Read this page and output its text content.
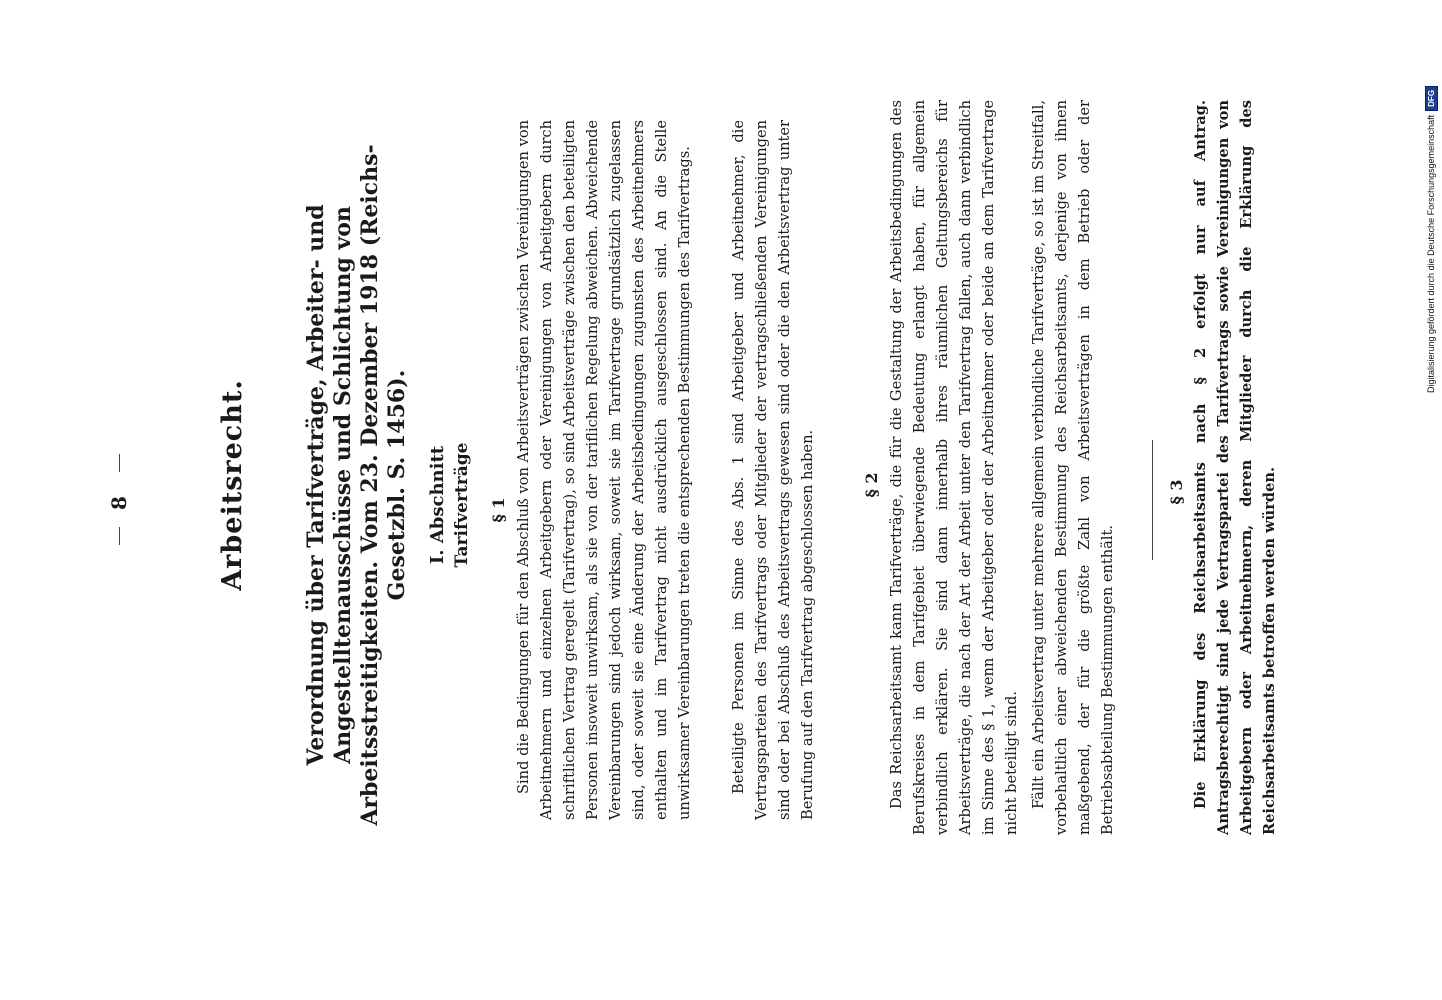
8	Arbeitsrecht.	Verordnung über Tarifverträge, Arbeiter- und Angestelltenausschüsse und Schlichtung von Arbeitsstreitigkeiten. Vom 23. Dezember 1918 (Reichs-Gesetzbl. S. 1456). I. Abschnitt Tarifverträge § 1 Sind die Bedingungen für den Abschluß von Arbeitsverträgen zwischen Vereinigungen von Arbeitnehmern und einzelnen Arbeitgebern oder Vereinigungen von Arbeitgebern durch schriftlichen Vertrag geregelt (Tarifvertrag), so sind Arbeitsverträge zwischen den beteiligten Personen insoweit unwirksam, als sie von der tariflichen Regelung abweichen. Abweichende Vereinbarungen sind jedoch wirksam, soweit sie im Tarifvertrage grundsätzlich zugelassen sind, oder soweit sie eine Änderung der Arbeitsbedingungen zugunsten des Arbeitnehmers enthalten und im Tarifvertrag nicht ausdrücklich ausgeschlossen sind. An die Stelle unwirksamer Vereinbarungen treten die entsprechenden Bestimmungen des Tarifvertrags.	Beteiligte Personen im Sinne des Abs. 1 sind Arbeitgeber und Arbeitnehmer, die Vertragsparteien des Tarifvertrags oder Mitglieder der vertragschließenden Vereinigungen sind oder bei Abschluß des Arbeitsvertrags gewesen sind oder die den Arbeitsvertrag unter Berufung auf den Tarifvertrag abgeschlossen haben.	§ 2 Das Reichsarbeitsamt kann Tarifverträge, die für die Gestaltung der Arbeitsbedingungen des Berufskreises in dem Tarifgebiet überwiegende Bedeutung erlangt haben, für allgemein verbindlich erklären. Sie sind dann innerhalb ihres räumlichen Geltungsbereichs für Arbeitsverträge, die nach der Art der Arbeit unter den Tarifvertrag fallen, auch dann verbindlich im Sinne des § 1, wenn der Arbeitgeber oder der Arbeitnehmer oder beide an dem Tarifvertrage nicht beteiligt sind. Fällt ein Arbeitsvertrag unter mehrere allgemein verbindliche Tarifverträge, so ist im Streitfall, vorbehaltlich einer abweichenden Bestimmung des Reichsarbeitsamts, derjenige von ihnen maßgebend, der für die größte Zahl von Arbeitsverträgen in dem Betrieb oder der Betriebsabteilung Bestimmungen enthält.

§ 3 Die Erklärung des Reichsarbeitsamts nach § 2 erfolgt nur auf Antrag. Antragsberechtigt sind jede Vertragspartei des Tarifvertrags sowie Vereinigungen von Arbeitgebern oder Arbeitnehmern, deren Mitglieder durch die Erklärung des Reichsarbeitsamts betroffen werden würden.

Digitalisierung gefördert durch die Deutsche Forschungsgemeinschaft
DFG
